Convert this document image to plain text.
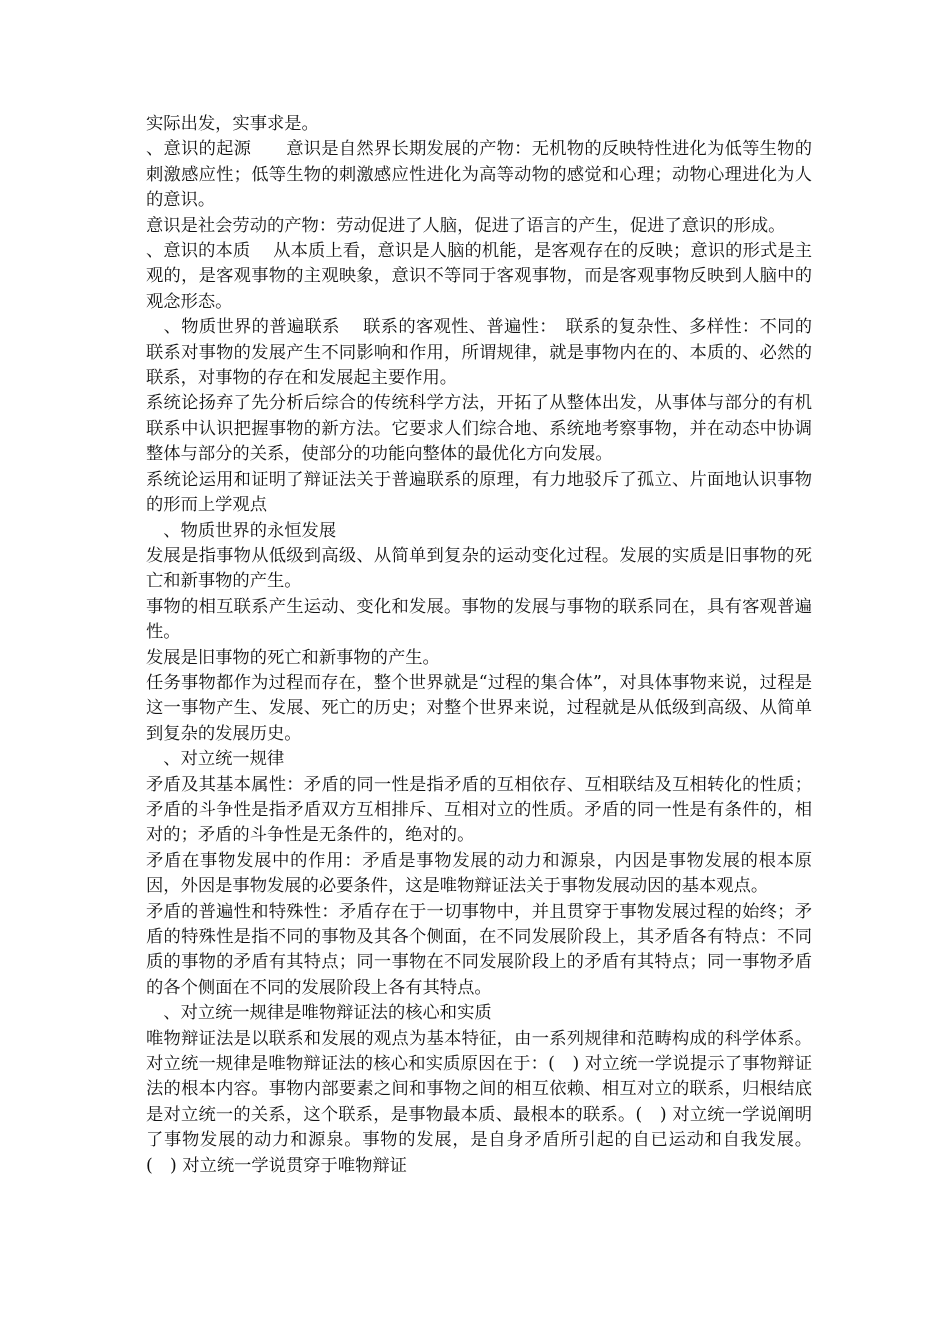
实际出发，实事求是。

、意识的起源　　意识是自然界长期发展的产物：无机物的反映特性进化为低等生物的刺激感应性；低等生物的刺激感应性进化为高等动物的感觉和心理；动物心理进化为人的意识。

意识是社会劳动的产物：劳动促进了人脑，促进了语言的产生，促进了意识的形成。

、意识的本质　 从本质上看，意识是人脑的机能，是客观存在的反映；意识的形式是主观的，是客观事物的主观映象，意识不等同于客观事物，而是客观事物反映到人脑中的观念形态。

　、物质世界的普遍联系　 联系的客观性、普遍性：　联系的复杂性、多样性：不同的联系对事物的发展产生不同影响和作用，所谓规律，就是事物内在的、本质的、必然的联系，对事物的存在和发展起主要作用。

系统论扬弃了先分析后综合的传统科学方法，开拓了从整体出发，从事体与部分的有机联系中认识把握事物的新方法。它要求人们综合地、系统地考察事物，并在动态中协调整体与部分的关系，使部分的功能向整体的最优化方向发展。

系统论运用和证明了辩证法关于普遍联系的原理，有力地驳斥了孤立、片面地认识事物的形而上学观点

　、物质世界的永恒发展

发展是指事物从低级到高级、从简单到复杂的运动变化过程。发展的实质是旧事物的死亡和新事物的产生。

事物的相互联系产生运动、变化和发展。事物的发展与事物的联系同在，具有客观普遍性。

发展是旧事物的死亡和新事物的产生。

任务事物都作为过程而存在，整个世界就是“过程的集合体”，对具体事物来说，过程是这一事物产生、发展、死亡的历史；对整个世界来说，过程就是从低级到高级、从简单到复杂的发展历史。

　、对立统一规律

矛盾及其基本属性：矛盾的同一性是指矛盾的互相依存、互相联结及互相转化的性质；矛盾的斗争性是指矛盾双方互相排斥、互相对立的性质。矛盾的同一性是有条件的，相对的；矛盾的斗争性是无条件的，绝对的。

矛盾在事物发展中的作用：矛盾是事物发展的动力和源泉，内因是事物发展的根本原因，外因是事物发展的必要条件，这是唯物辩证法关于事物发展动因的基本观点。

矛盾的普遍性和特殊性：矛盾存在于一切事物中，并且贯穿于事物发展过程的始终；矛盾的特殊性是指不同的事物及其各个侧面，在不同发展阶段上，其矛盾各有特点：不同质的事物的矛盾有其特点；同一事物在不同发展阶段上的矛盾有其特点；同一事物矛盾的各个侧面在不同的发展阶段上各有其特点。

　、对立统一规律是唯物辩证法的核心和实质

唯物辩证法是以联系和发展的观点为基本特征，由一系列规律和范畴构成的科学体系。对立统一规律是唯物辩证法的核心和实质原因在于：(　) 对立统一学说提示了事物辩证法的根本内容。事物内部要素之间和事物之间的相互依赖、相互对立的联系，归根结底是对立统一的关系，这个联系，是事物最本质、最根本的联系。(　) 对立统一学说阐明了事物发展的动力和源泉。事物的发展，是自身矛盾所引起的自已运动和自我发展。(　) 对立统一学说贯穿于唯物辩证
